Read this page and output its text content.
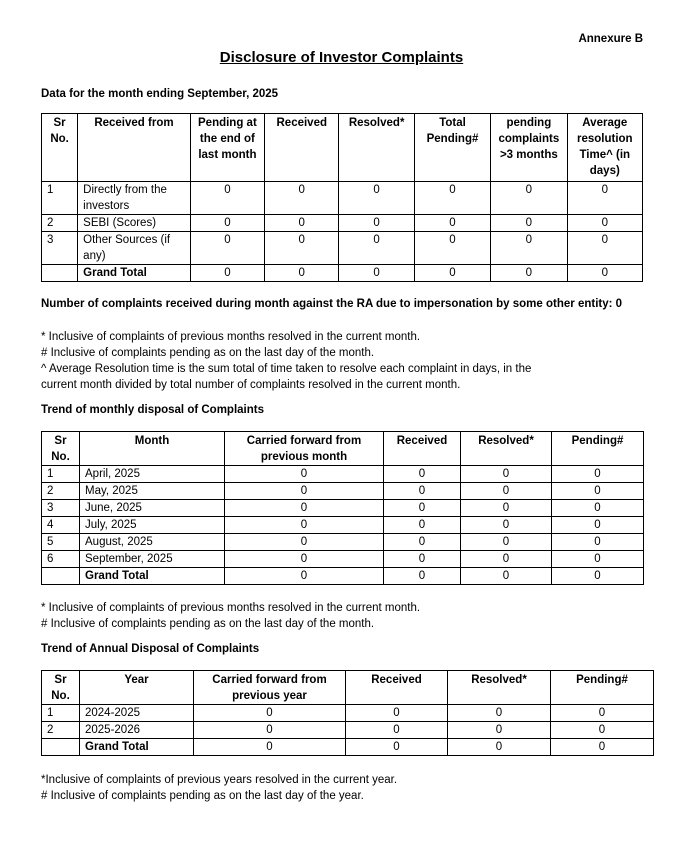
Annexure B
Disclosure of Investor Complaints
Data for the month ending September, 2025
Sr No.	Received from	Pending at the end of last month	Received	Resolved*	Total Pending#	pending complaints >3 months	Average resolution Time^ (in days)
1	Directly from the investors	0	0	0	0	0	0
2	SEBI (Scores)	0	0	0	0	0	0
3	Other Sources (if any)	0	0	0	0	0	0
	Grand Total	0	0	0	0	0	0
Number of complaints received during month against the RA due to impersonation by some other entity: 0
* Inclusive of complaints of previous months resolved in the current month.
# Inclusive of complaints pending as on the last day of the month.
^ Average Resolution time is the sum total of time taken to resolve each complaint in days, in the
current month divided by total number of complaints resolved in the current month.
Trend of monthly disposal of Complaints
Sr No.	Month	Carried forward from previous month	Received	Resolved*	Pending#
1	April, 2025	0	0	0	0
2	May, 2025	0	0	0	0
3	June, 2025	0	0	0	0
4	July, 2025	0	0	0	0
5	August, 2025	0	0	0	0
6	September, 2025	0	0	0	0
	Grand Total	0	0	0	0
* Inclusive of complaints of previous months resolved in the current month.
# Inclusive of complaints pending as on the last day of the month.
Trend of Annual Disposal of Complaints
Sr No.	Year	Carried forward from previous year	Received	Resolved*	Pending#
1	2024-2025	0	0	0	0
2	2025-2026	0	0	0	0
	Grand Total	0	0	0	0
*Inclusive of complaints of previous years resolved in the current year.
# Inclusive of complaints pending as on the last day of the year.
